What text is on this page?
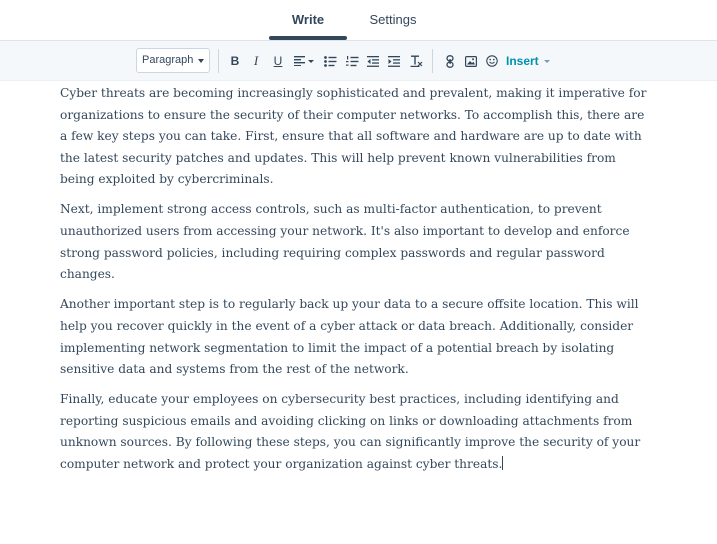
Write	Settings
Paragraph	B I U	Insert

Cyber threats are becoming increasingly sophisticated and prevalent, making it imperative for organizations to ensure the security of their computer networks. To accomplish this, there are a few key steps you can take. First, ensure that all software and hardware are up to date with the latest security patches and updates. This will help prevent known vulnerabilities from being exploited by cybercriminals.

Next, implement strong access controls, such as multi-factor authentication, to prevent unauthorized users from accessing your network. It's also important to develop and enforce strong password policies, including requiring complex passwords and regular password changes.

Another important step is to regularly back up your data to a secure offsite location. This will help you recover quickly in the event of a cyber attack or data breach. Additionally, consider implementing network segmentation to limit the impact of a potential breach by isolating sensitive data and systems from the rest of the network.

Finally, educate your employees on cybersecurity best practices, including identifying and reporting suspicious emails and avoiding clicking on links or downloading attachments from unknown sources. By following these steps, you can significantly improve the security of your computer network and protect your organization against cyber threats.
